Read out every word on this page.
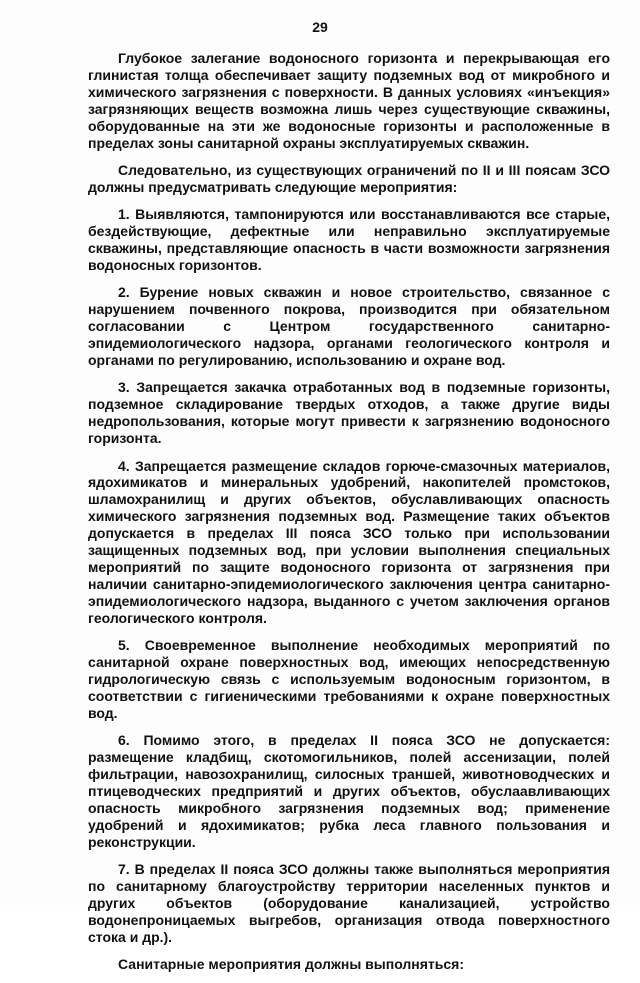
29

Глубокое залегание водоносного горизонта и перекрывающая его глинистая толща обеспечивает защиту подземных вод от микробного и химического загрязнения с поверхности. В данных условиях «инъекция» загрязняющих веществ возможна лишь через существующие скважины, оборудованные на эти же водоносные горизонты и расположенные в пределах зоны санитарной охраны эксплуатируемых скважин.

Следовательно, из существующих ограничений по II и III поясам ЗСО должны предусматривать следующие мероприятия:

1. Выявляются, тампонируются или восстанавливаются все старые, бездействующие, дефектные или неправильно эксплуатируемые скважины, представляющие опасность в части возможности загрязнения водоносных горизонтов.

2. Бурение новых скважин и новое строительство, связанное с нарушением почвенного покрова, производится при обязательном согласовании с Центром государственного санитарно-эпидемиологического надзора, органами геологического контроля и органами по регулированию, использованию и охране вод.

3. Запрещается закачка отработанных вод в подземные горизонты, подземное складирование твердых отходов, а также другие виды недропользования, которые могут привести к загрязнению водоносного горизонта.

4. Запрещается размещение складов горюче-смазочных материалов, ядохимикатов и минеральных удобрений, накопителей промстоков, шламохранилищ и других объектов, обуславливающих опасность химического загрязнения подземных вод. Размещение таких объектов допускается в пределах III пояса ЗСО только при использовании защищенных подземных вод, при условии выполнения специальных мероприятий по защите водоносного горизонта от загрязнения при наличии санитарно-эпидемиологического заключения центра санитарно-эпидемиологического надзора, выданного с учетом заключения органов геологического контроля.

5. Своевременное выполнение необходимых мероприятий по санитарной охране поверхностных вод, имеющих непосредственную гидрологическую связь с используемым водоносным горизонтом, в соответствии с гигиеническими требованиями к охране поверхностных вод.

6. Помимо этого, в пределах II пояса ЗСО не допускается: размещение кладбищ, скотомогильников, полей ассенизации, полей фильтрации, навозохранилищ, силосных траншей, животноводческих и птицеводческих предприятий и других объектов, обуслаавливающих опасность микробного загрязнения подземных вод; применение удобрений и ядохимикатов; рубка леса главного пользования и реконструкции.

7. В пределах II пояса ЗСО должны также выполняться мероприятия по санитарному благоустройству территории населенных пунктов и других объектов (оборудование канализацией, устройство водонепроницаемых выгребов, организация отвода поверхностного стока и др.).

Санитарные мероприятия должны выполняться:
